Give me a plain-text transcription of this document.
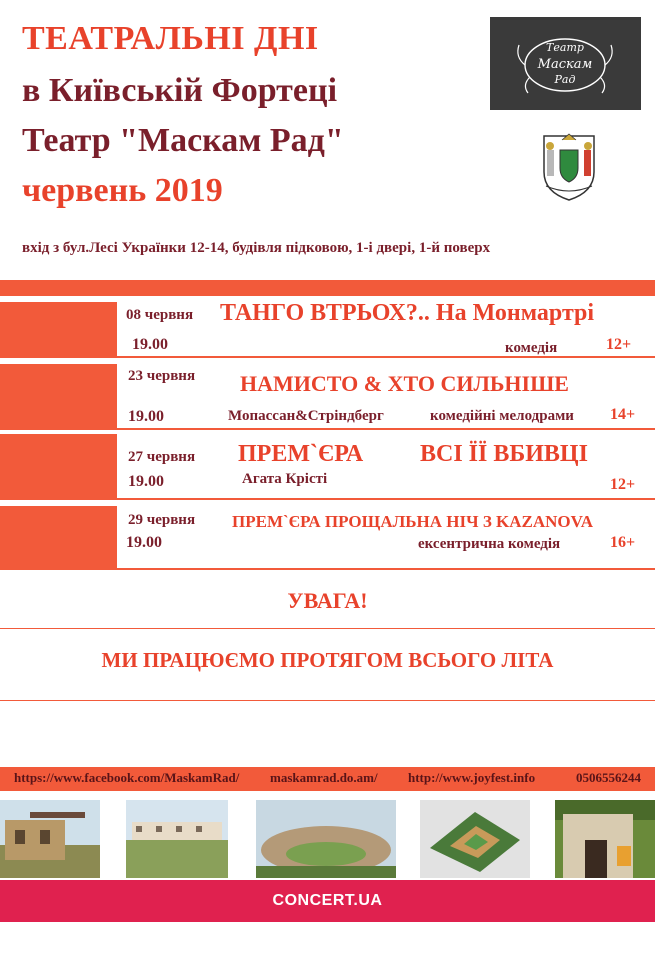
ТЕАТРАЛЬНІ ДНІ
в Київській Фортеці
Театр "Маскам Рад"
червень 2019
Театр
Маскам
Рад
вхід з бул.Лесі Українки 12-14, будівля підковою, 1-і двері, 1-й поверх
08 червня ТАНГО ВТРЬОХ?.. На Монмартрі
19.00	комедія	12+
23 червня НАМИСТО & ХТО СИЛЬНІШЕ
19.00	Мопассан&Стріндберг	комедійні мелодрами 14+
27 червня ПРЕМ`ЄРА ВСІ ЇЇ ВБИВЦІ
19.00	Агата Крісті	12+
29 червня ПРЕМ`ЄРА ПРОЩАЛЬНА НІЧ З KAZANOVA
19.00	ексентрична комедія	16+
УВАГА!
МИ ПРАЦЮЄМО ПРОТЯГОМ ВСЬОГО ЛІТА
https://www.facebook.com/MaskamRad/ maskamrad.do.am/ http://www.joyfest.info	0506556244
CONCERT.UA
